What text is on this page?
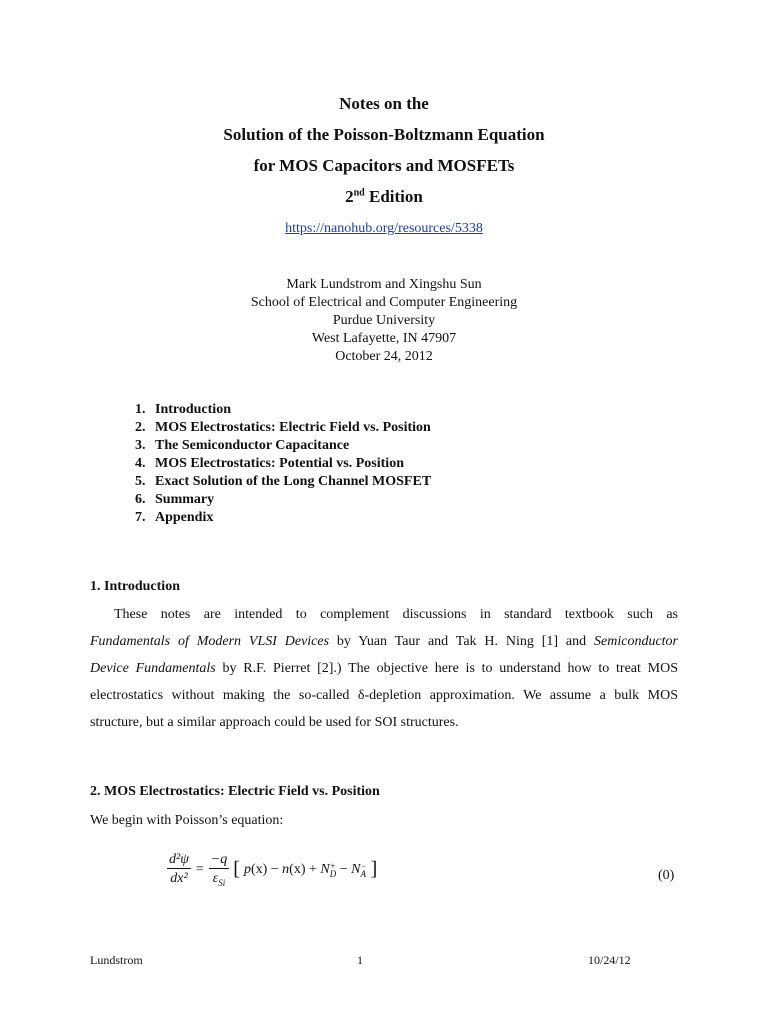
Notes on the
Solution of the Poisson-Boltzmann Equation
for MOS Capacitors and MOSFETs
2nd Edition
https://nanohub.org/resources/5338
Mark Lundstrom and Xingshu Sun
School of Electrical and Computer Engineering
Purdue University
West Lafayette, IN 47907
October 24, 2012
1. Introduction
2. MOS Electrostatics: Electric Field vs. Position
3. The Semiconductor Capacitance
4. MOS Electrostatics: Potential vs. Position
5. Exact Solution of the Long Channel MOSFET
6. Summary
7. Appendix
1. Introduction
These notes are intended to complement discussions in standard textbook such as
Fundamentals of Modern VLSI Devices by Yuan Taur and Tak H. Ning [1] and Semiconductor
Device Fundamentals by R.F. Pierret [2].) The objective here is to understand how to treat MOS
electrostatics without making the so-called δ-depletion approximation. We assume a bulk MOS
structure, but a similar approach could be used for SOI structures.
2. MOS Electrostatics: Electric Field vs. Position
We begin with Poisson’s equation:
d²ψ
dx²
	=	
−q
$\varepsilon_{Si}$
	[	p(x) − n(x) + N +
D − N −
A	]	(0)
Lundstrom	1	10/24/12
